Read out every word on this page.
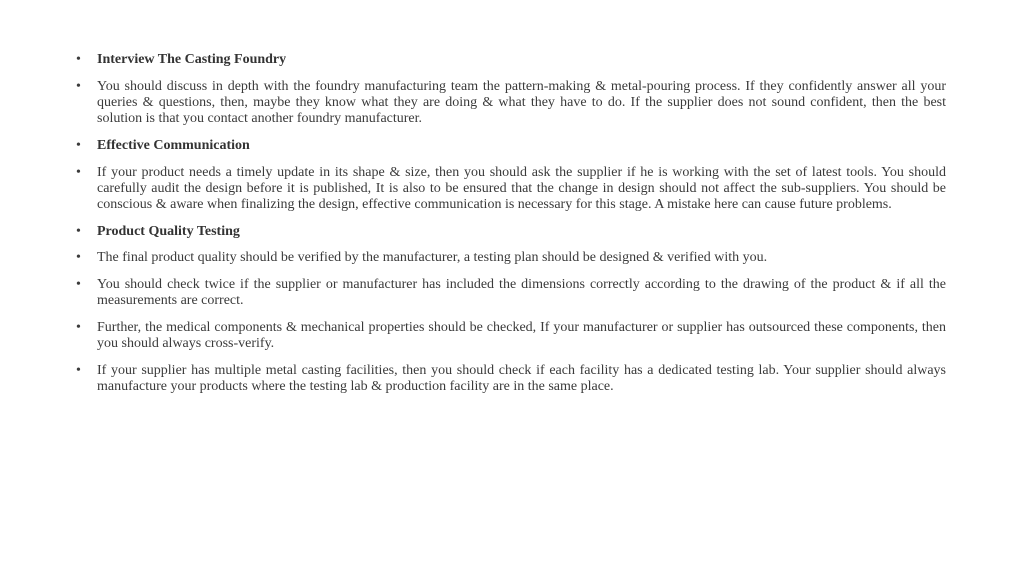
•	Interview The Casting Foundry
•	You should discuss in depth with the foundry manufacturing team the pattern-making & metal-pouring process. If they confidently answer all your queries & questions, then, maybe they know what they are doing & what they have to do. If the supplier does not sound confident, then the best solution is that you contact another foundry manufacturer.
•	Effective Communication
•	If your product needs a timely update in its shape & size, then you should ask the supplier if he is working with the set of latest tools. You should carefully audit the design before it is published, It is also to be ensured that the change in design should not affect the sub-suppliers. You should be conscious & aware when finalizing the design, effective communication is necessary for this stage. A mistake here can cause future problems.
•	Product Quality Testing
•	The final product quality should be verified by the manufacturer, a testing plan should be designed & verified with you.
•	You should check twice if the supplier or manufacturer has included the dimensions correctly according to the drawing of the product & if all the measurements are correct.
•	Further, the medical components & mechanical properties should be checked, If your manufacturer or supplier has outsourced these components, then you should always cross-verify.
•	If your supplier has multiple metal casting facilities, then you should check if each facility has a dedicated testing lab. Your supplier should always manufacture your products where the testing lab & production facility are in the same place.
